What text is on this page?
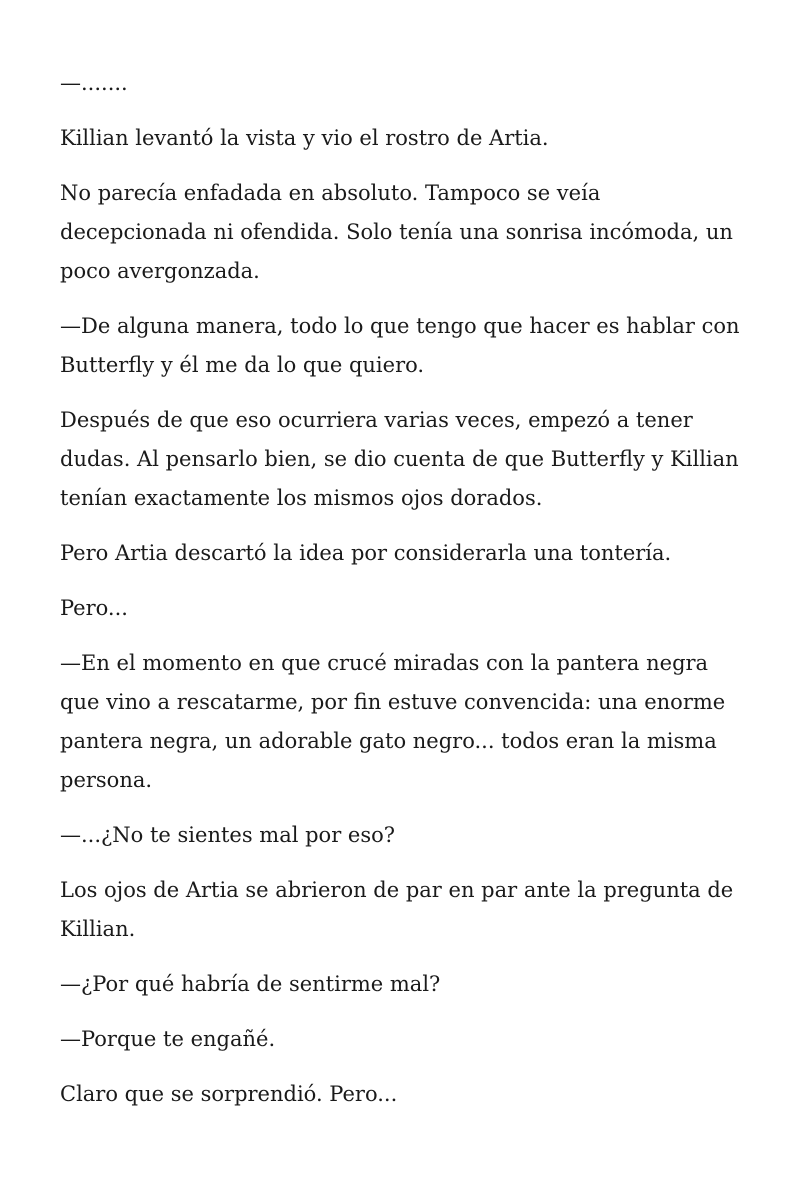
—.......

Killian levantó la vista y vio el rostro de Artia.

No parecía enfadada en absoluto. Tampoco se veía decepcionada ni ofendida. Solo tenía una sonrisa incómoda, un poco avergonzada.

—De alguna manera, todo lo que tengo que hacer es hablar con Butterfly y él me da lo que quiero.

Después de que eso ocurriera varias veces, empezó a tener dudas. Al pensarlo bien, se dio cuenta de que Butterfly y Killian tenían exactamente los mismos ojos dorados.

Pero Artia descartó la idea por considerarla una tontería.

Pero...

—En el momento en que crucé miradas con la pantera negra que vino a rescatarme, por fin estuve convencida: una enorme pantera negra, un adorable gato negro... todos eran la misma persona.

—...¿No te sientes mal por eso?

Los ojos de Artia se abrieron de par en par ante la pregunta de Killian.

—¿Por qué habría de sentirme mal?

—Porque te engañé.

Claro que se sorprendió. Pero...
